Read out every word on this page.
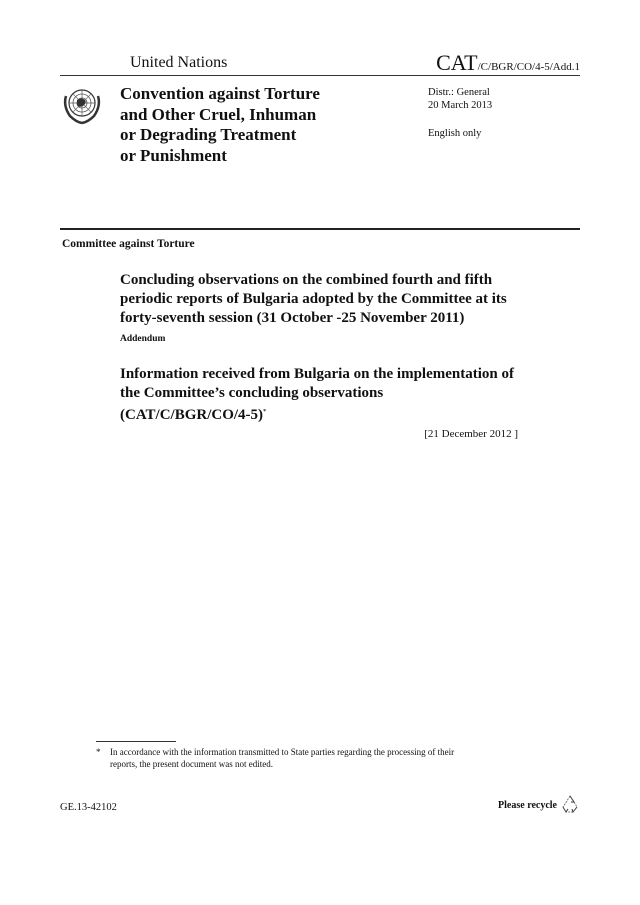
United Nations	CAT/C/BGR/CO/4-5/Add.1
Convention against Torture
and Other Cruel, Inhuman
or Degrading Treatment
or Punishment
Distr.: General
20 March 2013
English only
Committee against Torture
Concluding observations on the combined fourth and fifth
periodic reports of Bulgaria adopted by the Committee at its
forty-seventh session (31 October -25 November 2011)
Addendum
Information received from Bulgaria on the implementation of
the Committee’s concluding observations
(CAT/C/BGR/CO/4-5)*
[21 December 2012 ]
* In accordance with the information transmitted to State parties regarding the processing of their
reports, the present document was not edited.
GE.13-42102	Please recycle
